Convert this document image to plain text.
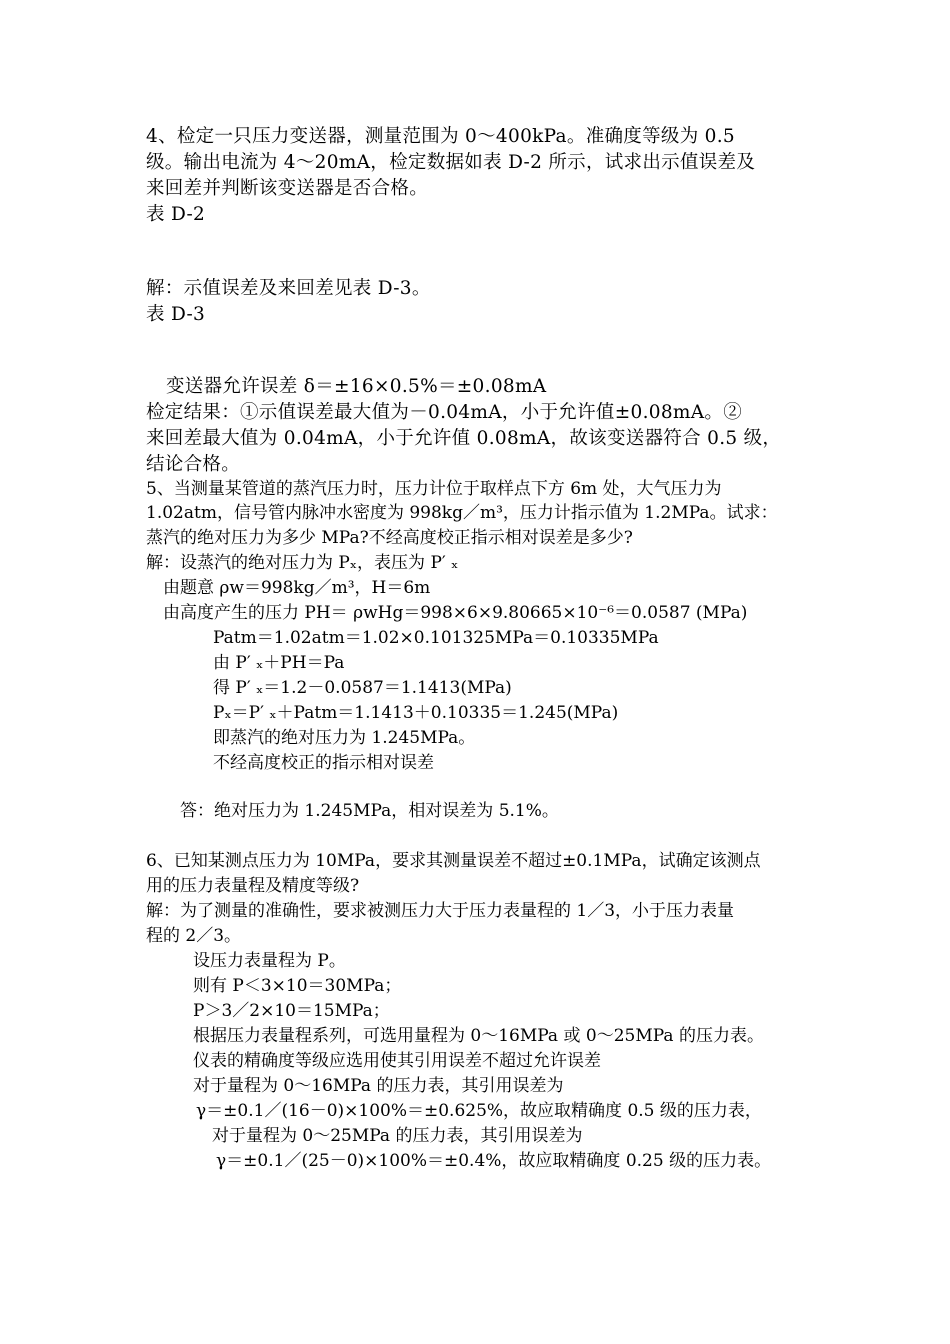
4、检定一只压力变送器，测量范围为 0～400kPa。准确度等级为 0.5
级。输出电流为 4～20mA，检定数据如表 D-2 所示，试求出示值误差及
来回差并判断该变送器是否合格。
表 D-2
解：示值误差及来回差见表 D-3。
表 D-3
变送器允许误差 δ＝±16×0.5%＝±0.08mA
检定结果：①示值误差最大值为－0.04mA，小于允许值±0.08mA。②
来回差最大值为 0.04mA，小于允许值 0.08mA，故该变送器符合 0.5 级，
结论合格。
5、当测量某管道的蒸汽压力时，压力计位于取样点下方 6m 处，大气压力为
1.02atm，信号管内脉冲水密度为 998kg／m³，压力计指示值为 1.2MPa。试求：
蒸汽的绝对压力为多少 MPa?不经高度校正指示相对误差是多少?
解：设蒸汽的绝对压力为 Pₓ，表压为 P′ ₓ
由题意 ρw＝998kg／m³，H＝6m
由高度产生的压力 PH＝ ρwHg＝998×6×9.80665×10⁻⁶＝0.0587 (MPa)
Patm＝1.02atm＝1.02×0.101325MPa＝0.10335MPa
由 P′ ₓ＋PH＝Pa
得 P′ ₓ＝1.2－0.0587＝1.1413(MPa)
Pₓ＝P′ ₓ＋Patm＝1.1413＋0.10335＝1.245(MPa)
即蒸汽的绝对压力为 1.245MPa。
不经高度校正的指示相对误差
答：绝对压力为 1.245MPa，相对误差为 5.1%。
6、已知某测点压力为 10MPa，要求其测量误差不超过±0.1MPa，试确定该测点
用的压力表量程及精度等级?
解：为了测量的准确性，要求被测压力大于压力表量程的 1／3，小于压力表量
程的 2／3。
设压力表量程为 P。
则有 P＜3×10＝30MPa；
P＞3／2×10＝15MPa；
根据压力表量程系列，可选用量程为 0～16MPa 或 0～25MPa 的压力表。
仪表的精确度等级应选用使其引用误差不超过允许误差
对于量程为 0～16MPa 的压力表，其引用误差为
γ＝±0.1／(16－0)×100%＝±0.625%，故应取精确度 0.5 级的压力表，
对于量程为 0～25MPa 的压力表，其引用误差为
γ＝±0.1／(25－0)×100%＝±0.4%，故应取精确度 0.25 级的压力表。
